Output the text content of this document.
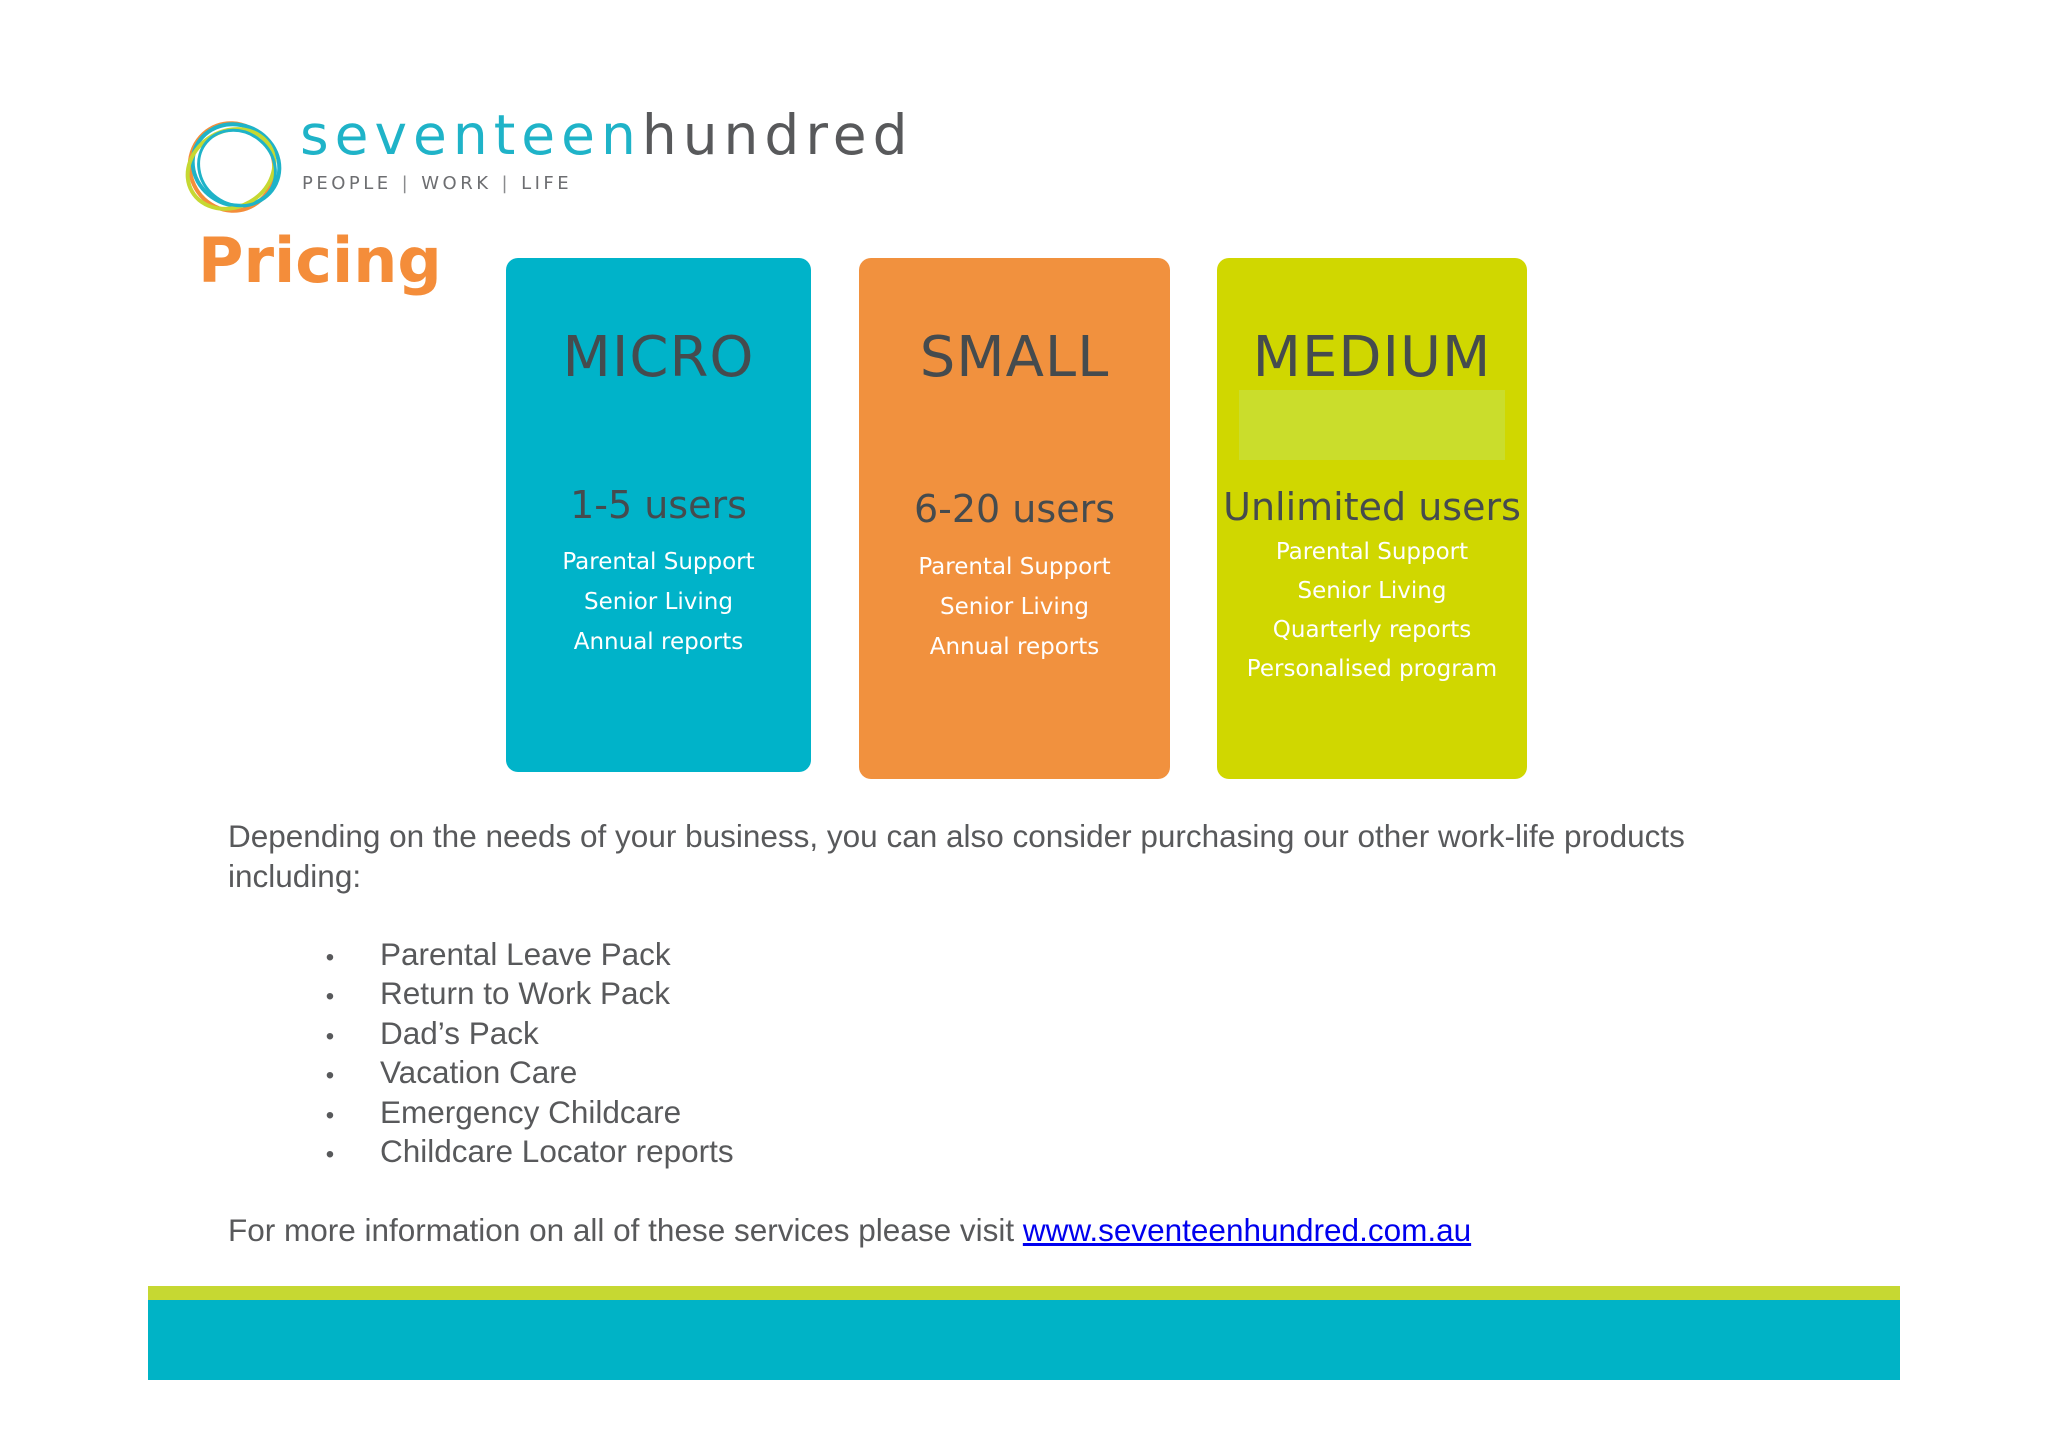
seventeenhundred
PEOPLE | WORK | LIFE
Pricing
MICRO
1-5 users
Parental Support
Senior Living
Annual reports
SMALL
6-20 users
Parental Support
Senior Living
Annual reports
MEDIUM
Unlimited users
Parental Support
Senior Living
Quarterly reports
Personalised program

Depending on the needs of your business, you can also consider purchasing our other work-life products including:

• Parental Leave Pack
• Return to Work Pack
• Dad’s Pack
• Vacation Care
• Emergency Childcare
• Childcare Locator reports

For more information on all of these services please visit www.seventeenhundred.com.au
